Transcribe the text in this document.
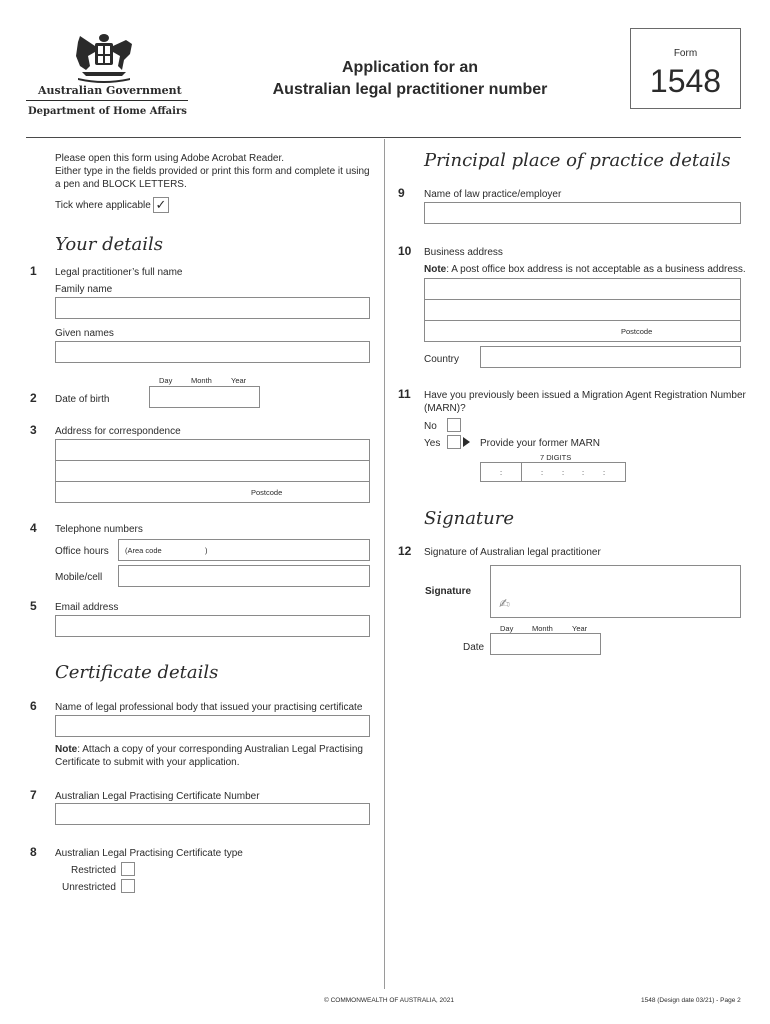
Australian Government
Department of Home Affairs
Application for an
Australian legal practitioner number
Form
1548
Please open this form using Adobe Acrobat Reader.
Either type in the fields provided or print this form and complete it using
a pen and BLOCK LETTERS.
Tick where applicable ✓
Your details
1 Legal practitioner’s full name
Family name
Given names
Day Month	Year
2 Date of birth
3 Address for correspondence
Postcode
4 Telephone numbers
Office hours (Area code	)
Mobile/cell
5 Email address
Certificate details
6 Name of legal professional body that issued your practising certificate
Note: Attach a copy of your corresponding Australian Legal Practising
Certificate to submit with your application.
7 Australian Legal Practising Certificate Number
8 Australian Legal Practising Certificate type
Restricted
Unrestricted
Principal place of practice details
9 Name of law practice/employer
10 Business address
Note: A post office box address is not acceptable as a business address.
Postcode
Country
11 Have you previously been issued a Migration Agent Registration Number
(MARN)?
No
Yes	Provide your former MARN
7 DIGITS
:	:	: :	:
Signature
12 Signature of Australian legal practitioner
Signature
✍
Day Month	Year
Date
© COMMONWEALTH OF AUSTRALIA, 2021	1548 (Design date 03/21) - Page 2
